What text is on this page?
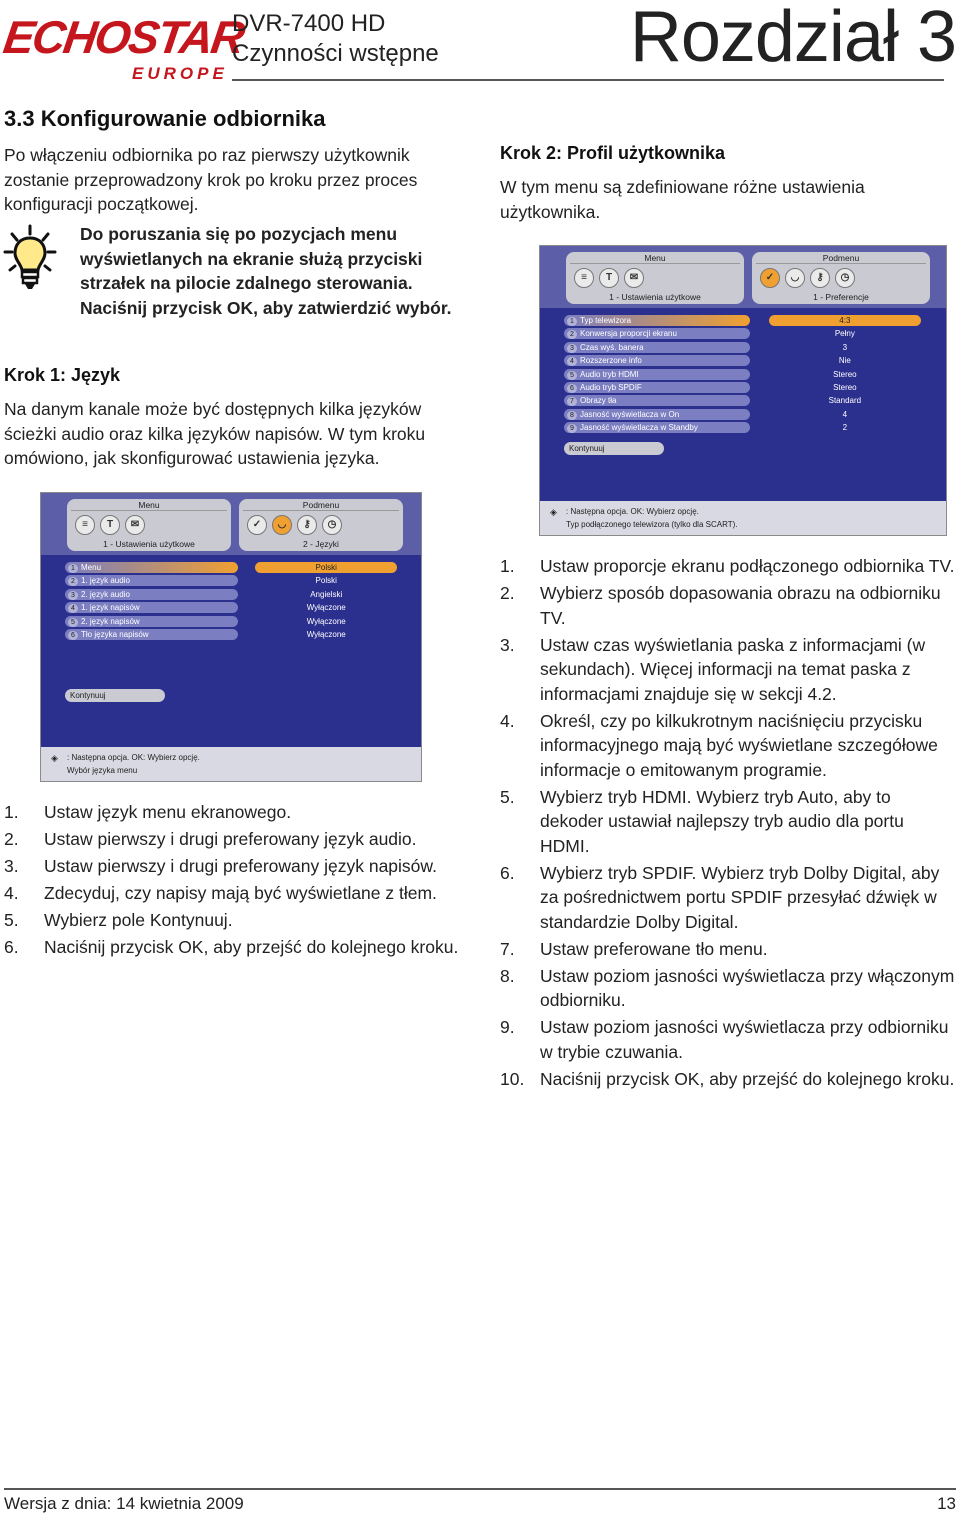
ECHOSTAR
EUROPE
DVR-7400 HD
Czynności wstępne	Rozdział 3
3.3 Konfigurowanie odbiornika
Po włączeniu odbiornika po raz pierwszy użytkownik zostanie przeprowadzony krok po kroku przez proces konfiguracji początkowej.
Do poruszania się po pozycjach menu wyświetlanych na ekranie służą przyciski strzałek na pilocie zdalnego sterowania. Naciśnij przycisk OK, aby zatwierdzić wybór.
Krok 1: Język
Na danym kanale może być dostępnych kilka języków ścieżki audio oraz kilka języków napisów. W tym kroku omówiono, jak skonfigurować ustawienia języka.
Menu
≡	T	✉
1 - Ustawienia użytkowe
Podmenu
✓	◡	⚷	◷
2 - Języki
1 Menu	Polski
2 1. język audio	Polski
3 2. język audio	Angielski
4 1. język napisów	Wyłączone
5 2. język napisów	Wyłączone
6 Tło języka napisów	Wyłączone
Kontynuuj
◈ : Następna opcja. OK: Wybierz opcję.
Wybór języka menu
1. Ustaw język menu ekranowego.
2. Ustaw pierwszy i drugi preferowany język audio.
3. Ustaw pierwszy i drugi preferowany język napisów.
4. Zdecyduj, czy napisy mają być wyświetlane z tłem.
5. Wybierz pole Kontynuuj.
6. Naciśnij przycisk OK, aby przejść do kolejnego kroku.
Krok 2: Profil użytkownika
W tym menu są zdefiniowane różne ustawienia użytkownika.
Menu
≡	T	✉
1 - Ustawienia użytkowe
Podmenu
✓	◡	⚷	◷
1 - Preferencje
1 Typ telewizora	4:3
2 Konwersja proporcji ekranu	Pełny
3 Czas wyś. banera	3
4 Rozszerzone info	Nie
5 Audio tryb HDMI	Stereo
6 Audio tryb SPDIF	Stereo
7 Obrazy tła	Standard
8 Jasność wyświetlacza w On	4
9 Jasność wyświetlacza w Standby	2
Kontynuuj
◈ : Następna opcja. OK: Wybierz opcję.
Typ podłączonego telewizora (tylko dla SCART).
1. Ustaw proporcje ekranu podłączonego odbiornika TV.
2. Wybierz sposób dopasowania obrazu na odbiorniku TV.
3. Ustaw czas wyświetlania paska z informacjami (w sekundach). Więcej informacji na temat paska z informacjami znajduje się w sekcji 4.2.
4. Określ, czy po kilkukrotnym naciśnięciu przycisku informacyjnego mają być wyświetlane szczegółowe informacje o emitowanym programie.
5. Wybierz tryb HDMI. Wybierz tryb Auto, aby to dekoder ustawiał najlepszy tryb audio dla portu HDMI.
6. Wybierz tryb SPDIF. Wybierz tryb Dolby Digital, aby za pośrednictwem portu SPDIF przesyłać dźwięk w standardzie Dolby Digital.
7. Ustaw preferowane tło menu.
8. Ustaw poziom jasności wyświetlacza przy włączonym odbiorniku.
9. Ustaw poziom jasności wyświetlacza przy odbiorniku w trybie czuwania.
10. Naciśnij przycisk OK, aby przejść do kolejnego kroku.
Wersja z dnia: 14 kwietnia 2009	13
